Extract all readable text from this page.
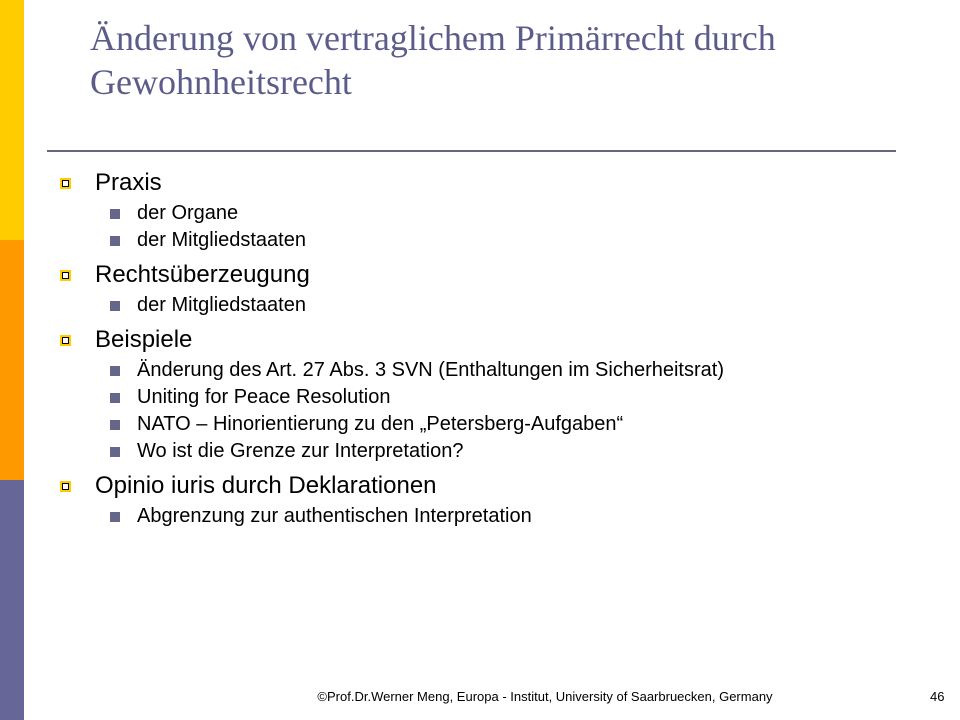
Änderung von vertraglichem Primärrecht durch Gewohnheitsrecht
Praxis
der Organe
der Mitgliedstaaten
Rechtsüberzeugung
der Mitgliedstaaten
Beispiele
Änderung des Art. 27 Abs. 3 SVN (Enthaltungen im Sicherheitsrat)
Uniting for Peace Resolution
NATO – Hinorientierung zu den „Petersberg-Aufgaben“
Wo ist die Grenze zur Interpretation?
Opinio iuris durch Deklarationen
Abgrenzung zur authentischen Interpretation
©Prof.Dr.Werner Meng, Europa - Institut, University of Saarbruecken, Germany	46
